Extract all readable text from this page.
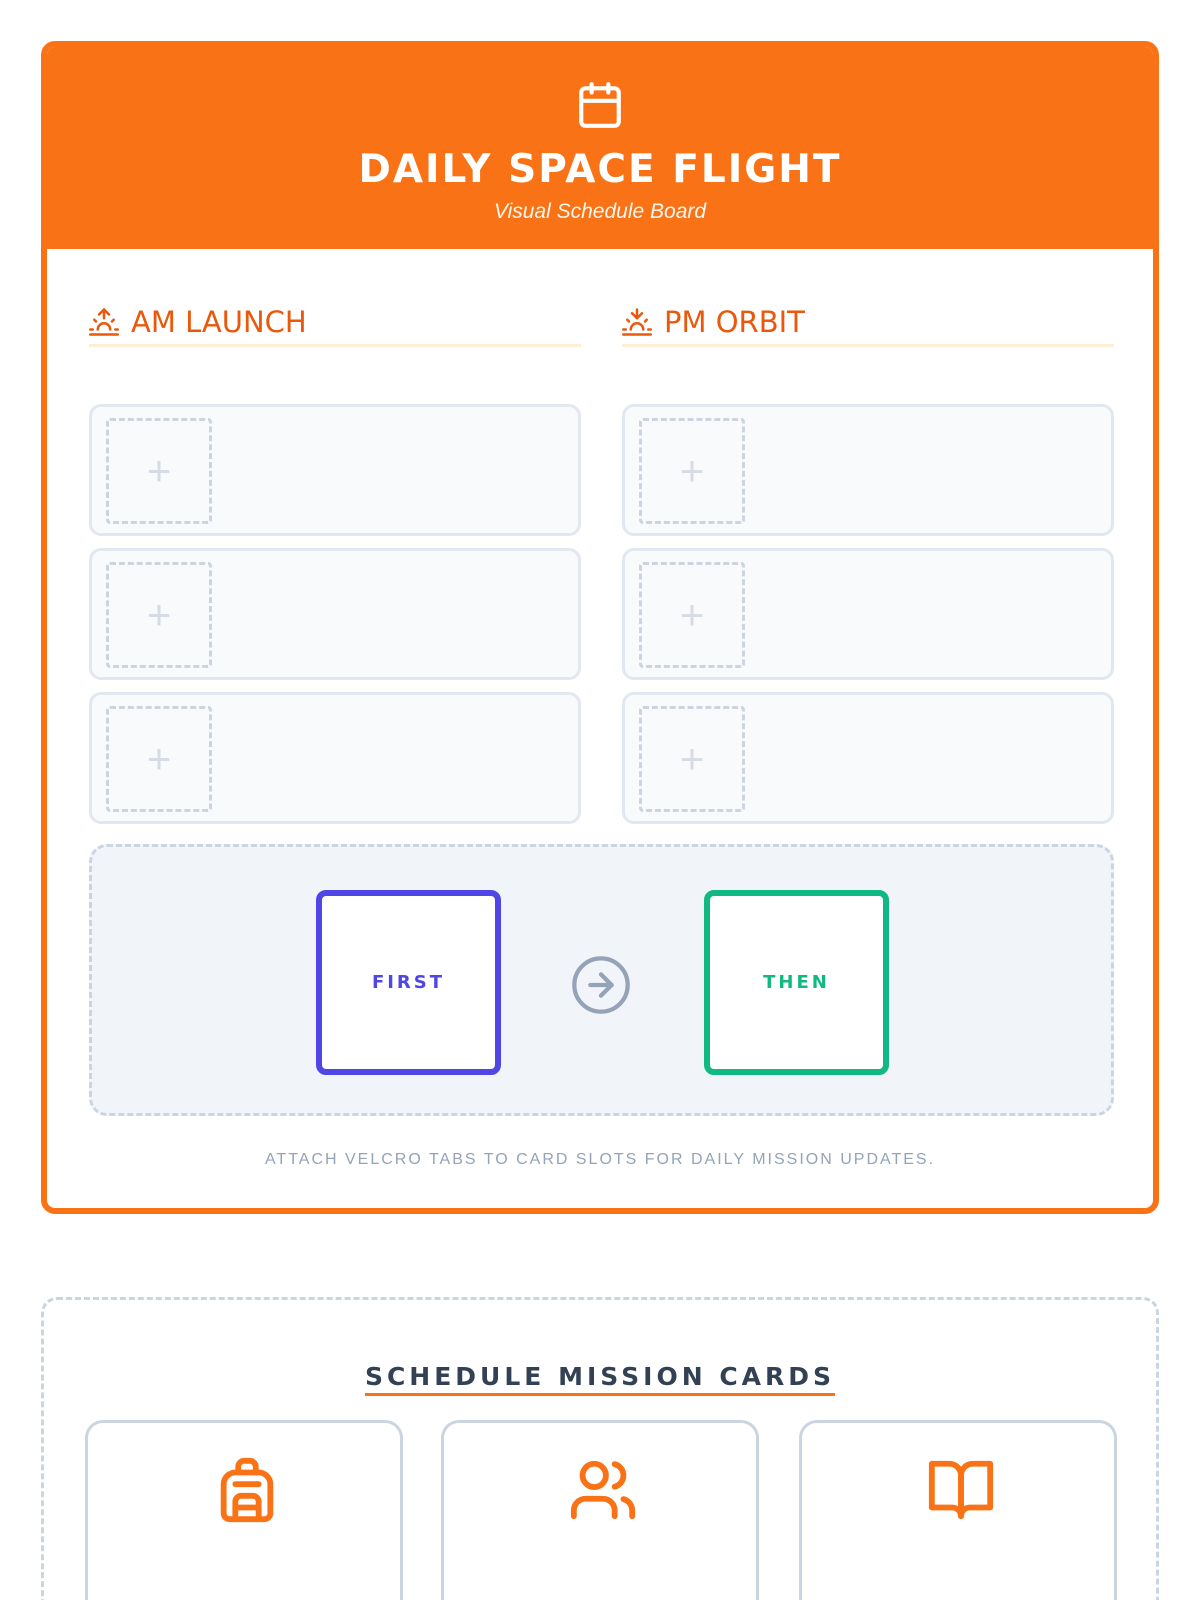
DAILY SPACE FLIGHT
Visual Schedule Board
AM LAUNCH
+
+
+
PM ORBIT
+
+
+
FIRST	THEN
ATTACH VELCRO TABS TO CARD SLOTS FOR DAILY MISSION UPDATES.
SCHEDULE MISSION CARDS
